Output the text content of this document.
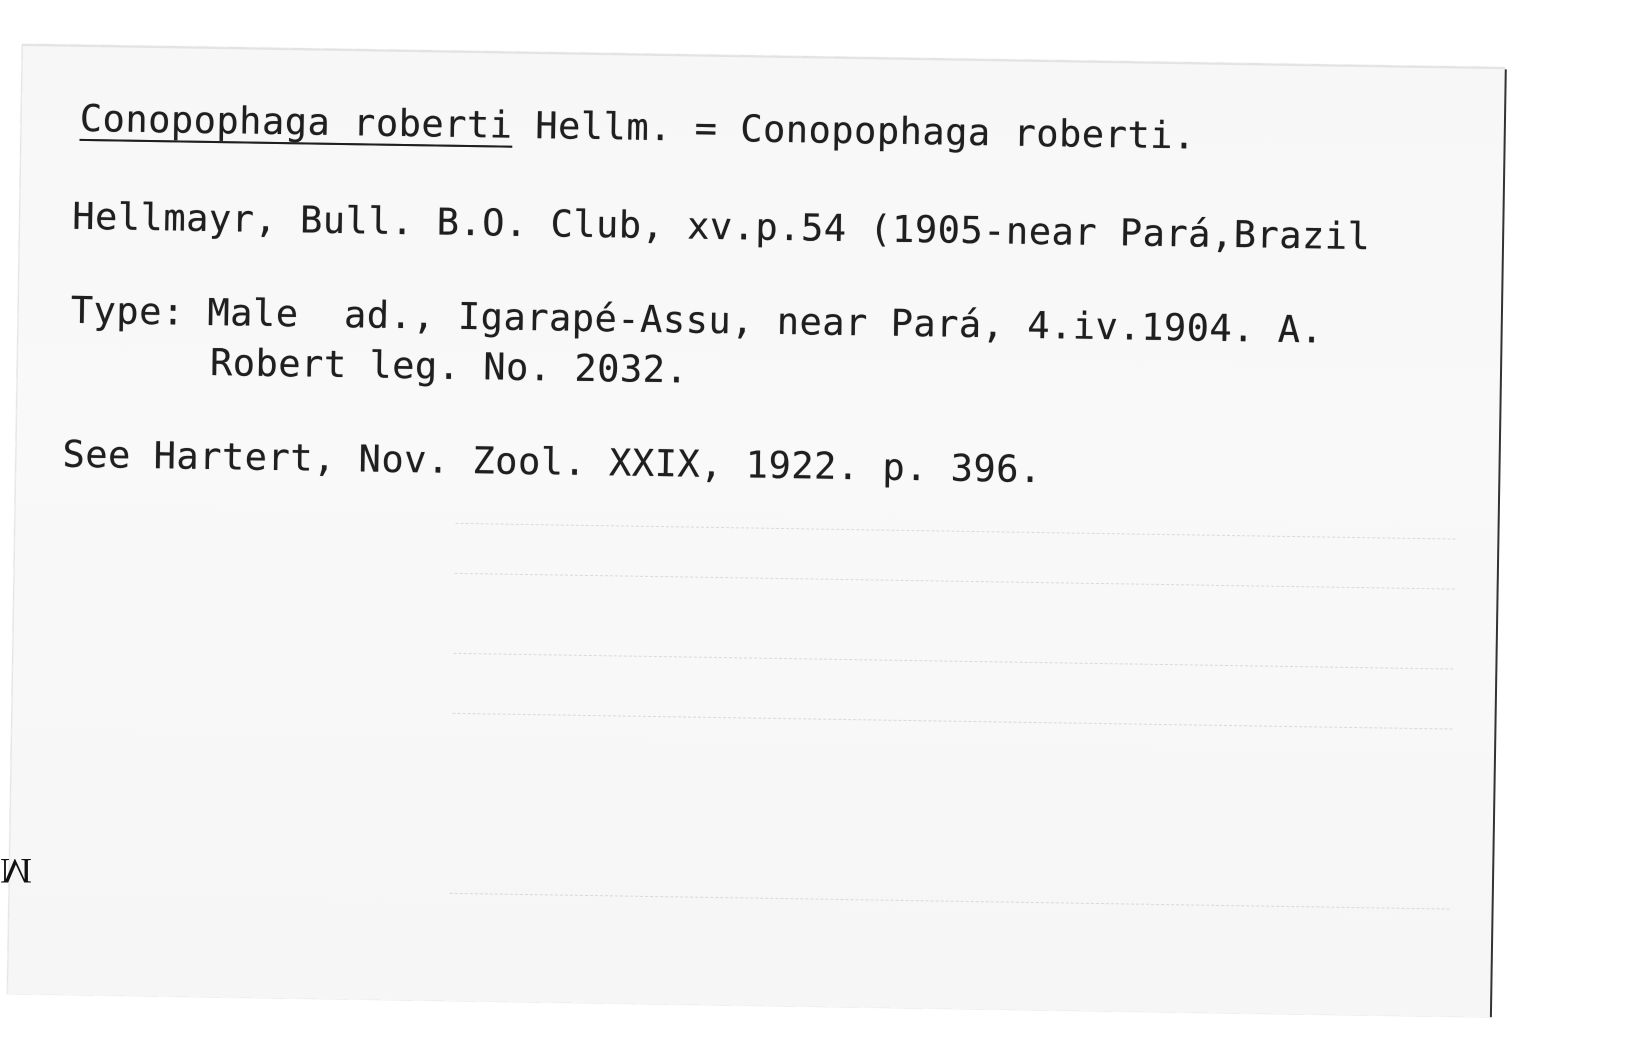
Conopophaga roberti Hellm. = Conopophaga roberti.
Hellmayr, Bull. B.O. Club, xv.p.54 (1905-near Pará,Brazil
Type: Male  ad., Igarapé-Assu, near Pará, 4.iv.1904. A.
Robert leg. No. 2032.
See Hartert, Nov. Zool. XXIX, 1922. p. 396.
M
